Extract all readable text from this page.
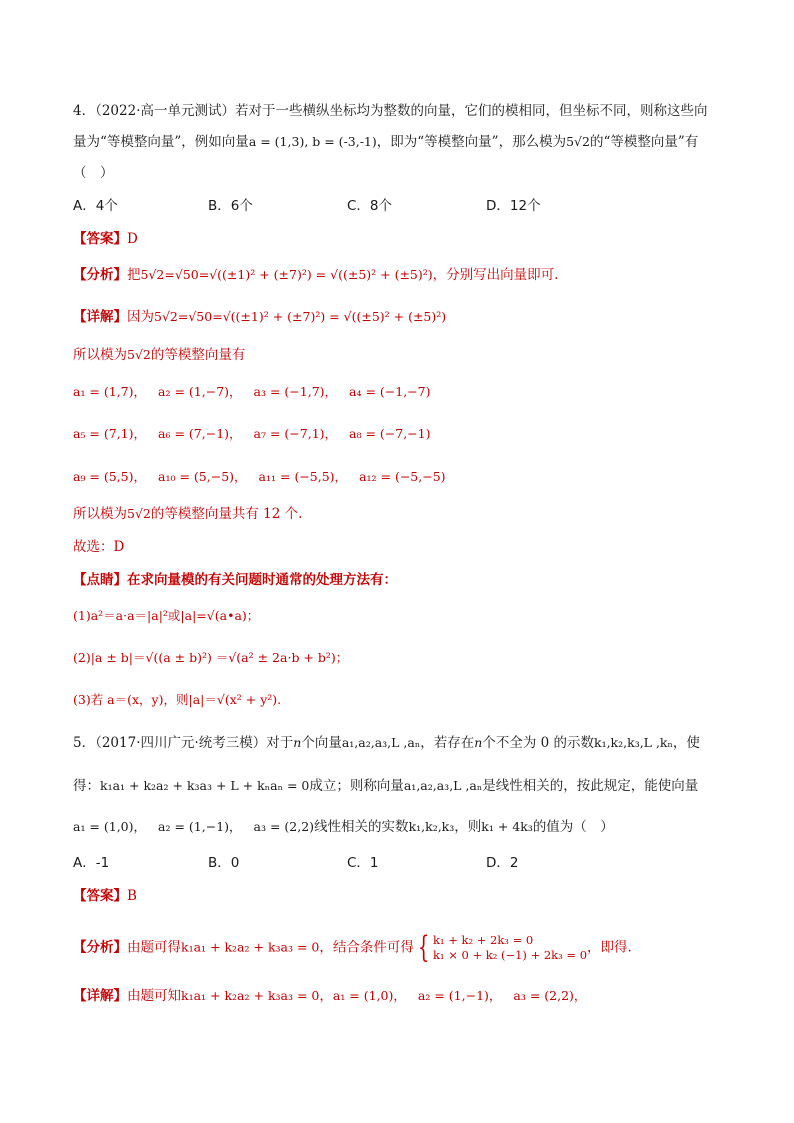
4．（2022·高一单元测试）若对于一些横纵坐标均为整数的向量，它们的模相同，但坐标不同，则称这些向
量为“等模整向量”，例如向量a = (1,3), b = (-3,-1)，即为“等模整向量”，那么模为5√2的“等模整向量”有
（　）
A．4个	B．6个	C．8个	D．12个
【答案】D
【分析】把5√2=√50=√((±1)² + (±7)²) = √((±5)² + (±5)²)，分别写出向量即可.
【详解】因为5√2=√50=√((±1)² + (±7)²) = √((±5)² + (±5)²)
所以模为5√2的等模整向量有
a₁ = (1,7)， a₂ = (1,−7)， a₃ = (−1,7)， a₄ = (−1,−7)
a₅ = (7,1)， a₆ = (7,−1)， a₇ = (−7,1)， a₈ = (−7,−1)
a₉ = (5,5)， a₁₀ = (5,−5)， a₁₁ = (−5,5)， a₁₂ = (−5,−5)
所以模为5√2的等模整向量共有 12 个.
故选：D
【点睛】在求向量模的有关问题时通常的处理方法有：
(1)a²＝a·a＝|a|²或|a|=√(a•a)；
(2)|a ± b|＝√((a ± b)²) ＝√(a² ± 2a·b + b²)；
(3)若 a＝(x，y)，则|a|＝√(x² + y²).
5．（2017·四川广元·统考三模）对于n个向量a₁,a₂,a₃,L ,aₙ，若存在n个不全为 0 的示数k₁,k₂,k₃,L ,kₙ，使
得：k₁a₁ + k₂a₂ + k₃a₃ + L + kₙaₙ = 0成立；则称向量a₁,a₂,a₃,L ,aₙ是线性相关的，按此规定，能使向量
a₁ = (1,0)， a₂ = (1,−1)， a₃ = (2,2)线性相关的实数k₁,k₂,k₃，则k₁ + 4k₃的值为（　）
A．-1	B．0	C．1	D．2
【答案】B
【分析】由题可得k₁a₁ + k₂a₂ + k₃a₃ = 0，结合条件可得 { k₁ + k₂ + 2k₃ = 0
k₁ × 0 + k₂ (−1) + 2k₃ = 0 ，即得.
【详解】由题可知k₁a₁ + k₂a₂ + k₃a₃ = 0，a₁ = (1,0)， a₂ = (1,−1)， a₃ = (2,2)，
